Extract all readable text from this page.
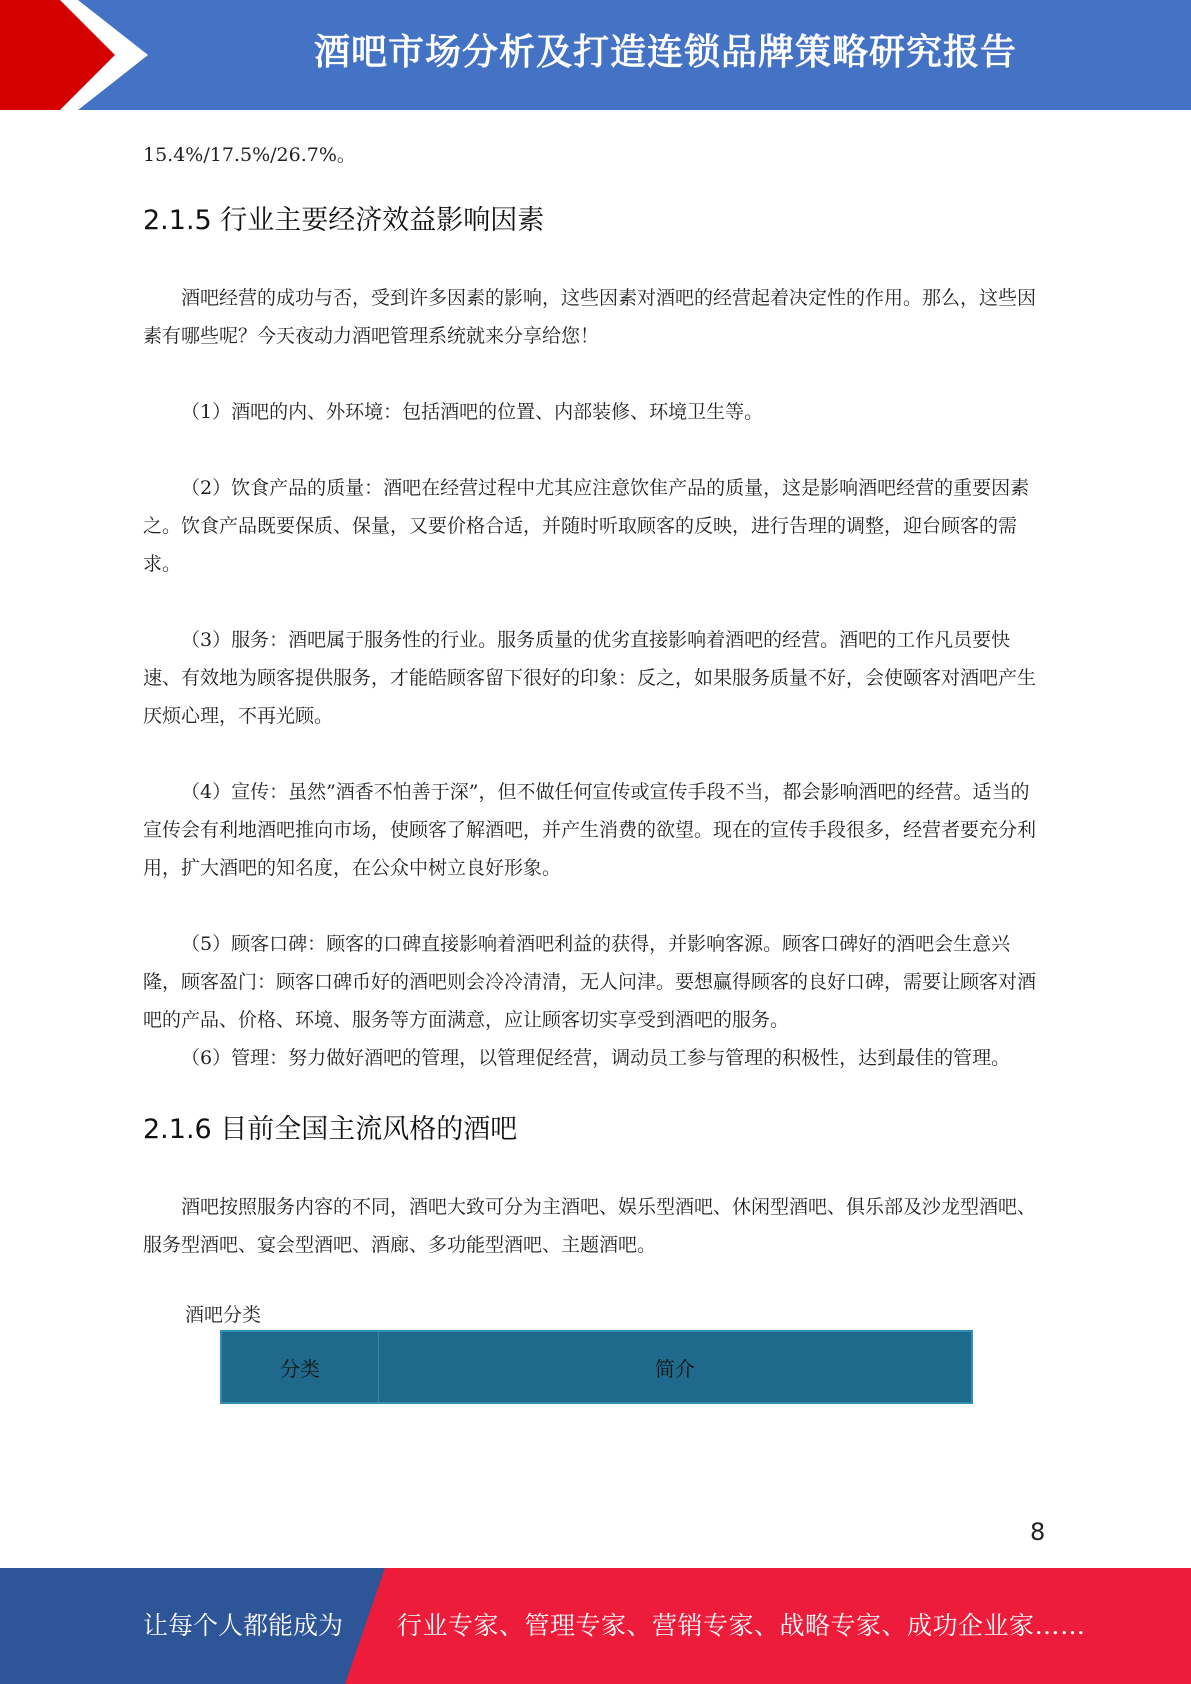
酒吧市场分析及打造连锁品牌策略研究报告

15.4%/17.5%/26.7%。

2.1.5 行业主要经济效益影响因素

酒吧经营的成功与否，受到许多因素的影响，这些因素对酒吧的经营起着决定性的作用。那么，这些因素有哪些呢？今天夜动力酒吧管理系统就来分享给您！

（1）酒吧的内、外环境：包括酒吧的位置、内部装修、环境卫生等。

（2）饮食产品的质量：酒吧在经营过程中尤其应注意饮隹产品的质量，这是影响酒吧经营的重要因素之。饮食产品既要保质、保量，又要价格合适，并随时听取顾客的反映，进行告理的调整，迎台顾客的需求。

（3）服务：酒吧属于服务性的行业。服务质量的优劣直接影响着酒吧的经营。酒吧的工作凡员要快速、有效地为顾客提供服务，才能皓顾客留下很好的印象：反之，如果服务质量不好，会使颐客对酒吧产生厌烦心理，不再光顾。

（4）宣传：虽然”酒香不怕善于深”，但不做任何宣传或宣传手段不当，都会影响酒吧的经营。适当的宣传会有利地酒吧推向市场，使顾客了解酒吧，并产生消费的欲望。现在的宣传手段很多，经营者要充分利用，扩大酒吧的知名度，在公众中树立良好形象。

（5）顾客口碑：顾客的口碑直接影响着酒吧利益的获得，并影响客源。顾客口碑好的酒吧会生意兴隆，顾客盈门：顾客口碑币好的酒吧则会冷冷清清，无人问津。要想赢得顾客的良好口碑，需要让顾客对酒吧的产品、价格、环境、服务等方面满意，应让顾客切实享受到酒吧的服务。

（6）管理：努力做好酒吧的管理，以管理促经营，调动员工参与管理的积极性，达到最佳的管理。

2.1.6 目前全国主流风格的酒吧

酒吧按照服务内容的不同，酒吧大致可分为主酒吧、娱乐型酒吧、休闲型酒吧、俱乐部及沙龙型酒吧、服务型酒吧、宴会型酒吧、酒廊、多功能型酒吧、主题酒吧。

酒吧分类
分类	简介
8
让每个人都能成为 行业专家、管理专家、营销专家、战略专家、成功企业家……
